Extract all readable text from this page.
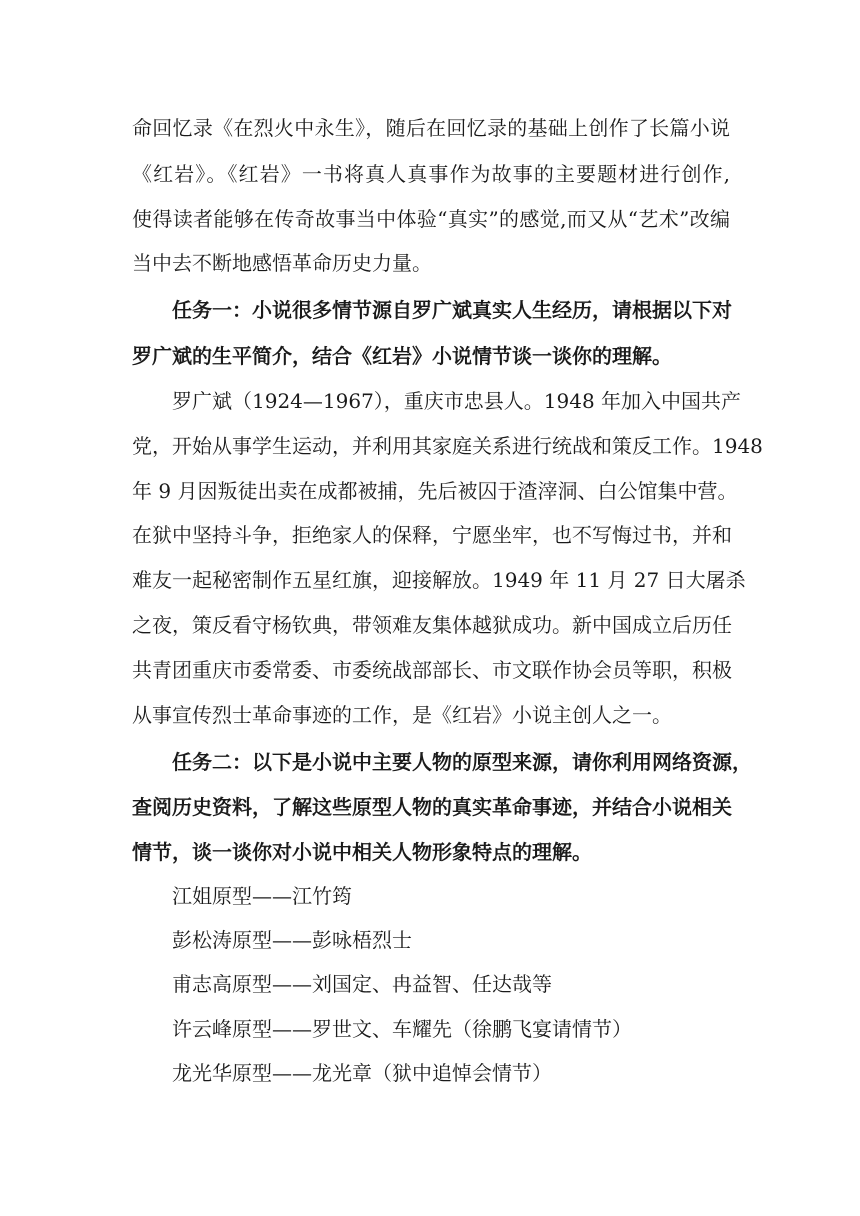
命回忆录《在烈火中永生》，随后在回忆录的基础上创作了长篇小说
《红岩》。《红岩》一书将真人真事作为故事的主要题材进行创作,
使得读者能够在传奇故事当中体验“真实”的感觉,而又从“艺术”改编
当中去不断地感悟革命历史力量。
任务一：小说很多情节源自罗广斌真实人生经历，请根据以下对
罗广斌的生平简介，结合《红岩》小说情节谈一谈你的理解。
罗广斌（1924—1967），重庆市忠县人。1948 年加入中国共产
党，开始从事学生运动，并利用其家庭关系进行统战和策反工作。1948
年 9 月因叛徒出卖在成都被捕，先后被囚于渣滓洞、白公馆集中营。
在狱中坚持斗争，拒绝家人的保释，宁愿坐牢，也不写悔过书，并和
难友一起秘密制作五星红旗，迎接解放。1949 年 11 月 27 日大屠杀
之夜，策反看守杨钦典，带领难友集体越狱成功。新中国成立后历任
共青团重庆市委常委、市委统战部部长、市文联作协会员等职，积极
从事宣传烈士革命事迹的工作，是《红岩》小说主创人之一。
任务二：以下是小说中主要人物的原型来源，请你利用网络资源，
查阅历史资料，了解这些原型人物的真实革命事迹，并结合小说相关
情节，谈一谈你对小说中相关人物形象特点的理解。
江姐原型——江竹筠
彭松涛原型——彭咏梧烈士
甫志高原型——刘国定、冉益智、任达哉等
许云峰原型——罗世文、车耀先（徐鹏飞宴请情节）
龙光华原型——龙光章（狱中追悼会情节）
